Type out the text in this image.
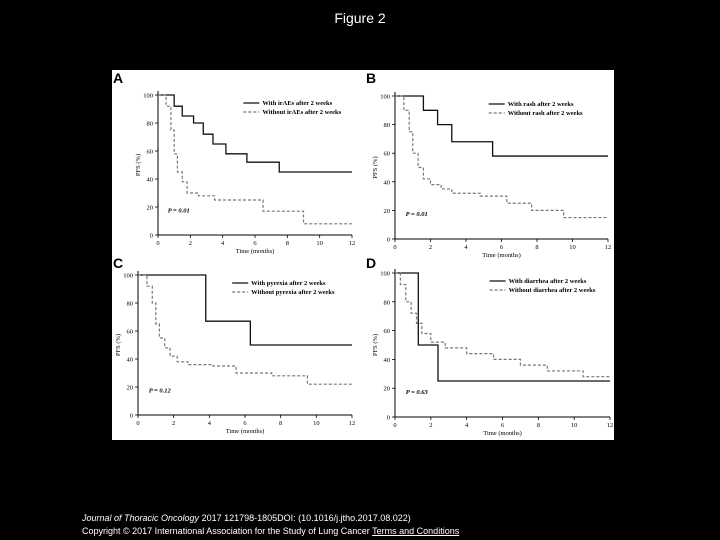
Figure 2
A
0
20
40
60
80
100
0	2	4	6	8	10	12
Time (months)
PFS (%)
With irAEs after 2 weeks
Without irAEs after 2 weeks
P = 0.01
B
0
20
40
60
80
100
0	2	4	6	8	10	12
Time (months)
PFS (%)
With rash after 2 weeks
Without rash after 2 weeks
P = 0.01
C
0
20
40
60
80
100
0	2	4	6	8	10	12
Time (months)
PFS (%)
With pyrexia after 2 weeks
Without pyrexia after 2 weeks
P = 0.12
D
0
20
40
60
80
100
0	2	4	6	8	10	12
Time (months)
PFS (%)
With diarrhea after 2 weeks
Without diarrhea after 2 weeks
P = 0.63
Journal of Thoracic Oncology 2017 121798-1805DOI: (10.1016/j.jtho.2017.08.022)
Copyright © 2017 International Association for the Study of Lung Cancer Terms and Conditions
